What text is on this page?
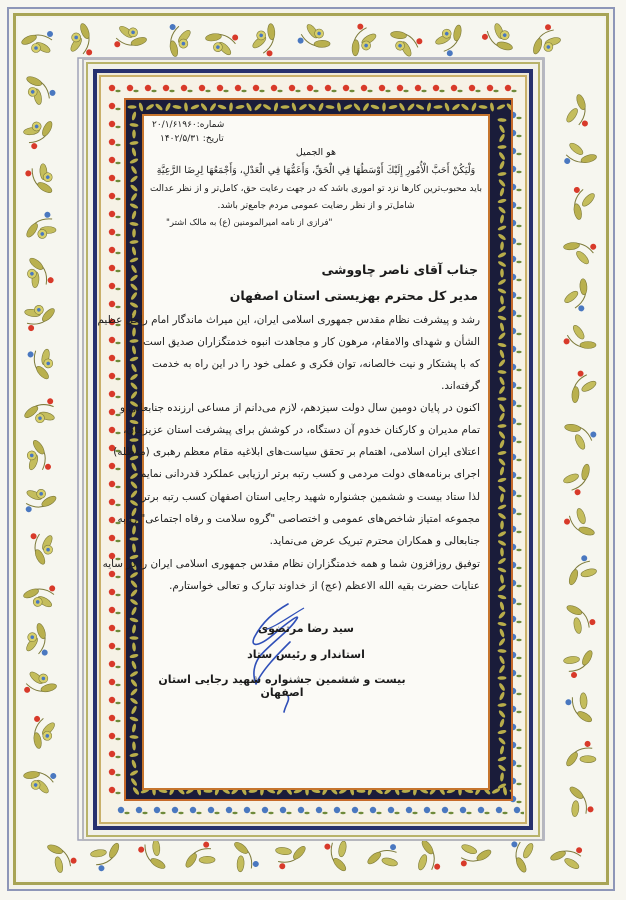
شماره:۲۰/۱/۶۱۹۶۰
تاریخ: ۱۴۰۲/۵/۳۱
هو الجمیل
وَلْيَكُنْ أَحَبَّ الْأُمُورِ إِلَيْكَ أَوْسَطُهَا فِي الْحَقِّ، وَأَعَمُّهَا فِي الْعَدْلِ، وَأَجْمَعُهَا لِرِضَا الرَّعِيَّةِ
باید محبوب‌ترین کارها نزد تو اموری باشد که در جهت رعایت حق، کامل‌تر و از نظر عدالت
شامل‌تر و از نظر رضایت عمومی مردم جامع‌تر باشد.
"فرازی از نامه امیرالمومنین (ع) به مالک اشتر"
جناب آقای ناصر چاووشی
مدیر کل محترم بهزیستی استان اصفهان
رشد و پیشرفت نظام مقدس جمهوری اسلامی ایران، این میراث ماندگار امام راحل عظیم
الشأن و شهدای والامقام، مرهون کار و مجاهدت انبوه خدمتگزاران صدیق است
که با پشتکار و نیت خالصانه، توان فکری و عملی خود را در این راه به خدمت
گرفته‌اند.
اکنون در پایان دومین سال دولت سیزدهم، لازم می‌دانم از مساعی ارزنده جنابعالی و
تمام مدیران و کارکنان خدوم آن دستگاه، در کوشش برای پیشرفت استان عزیزمان،
اعتلای ایران اسلامی، اهتمام بر تحقق سیاست‌های ابلاغیه مقام معظم رهبری (مدظله)
اجرای برنامه‌های دولت مردمی و کسب رتبه برتر ارزیابی عملکرد قدردانی نمایم.
لذا ستاد بیست و ششمین جشنواره شهید رجایی استان اصفهان کسب رتبه برتر
مجموعه امتیاز شاخص‌های عمومی و اختصاصی "گروه سلامت و رفاه اجتماعی" را به
جنابعالی و همکاران محترم تبریک عرض می‌نماید.
توفیق روزافزون شما و همه خدمتگزاران نظام مقدس جمهوری اسلامی ایران را در سایه
عنایات حضرت بقیه الله الاعظم (عج) از خداوند تبارک و تعالی خواستارم.
سید رضا مرتضوی
استاندار و رئیس ستاد
بیست و ششمین جشنواره شهید رجایی استان اصفهان
